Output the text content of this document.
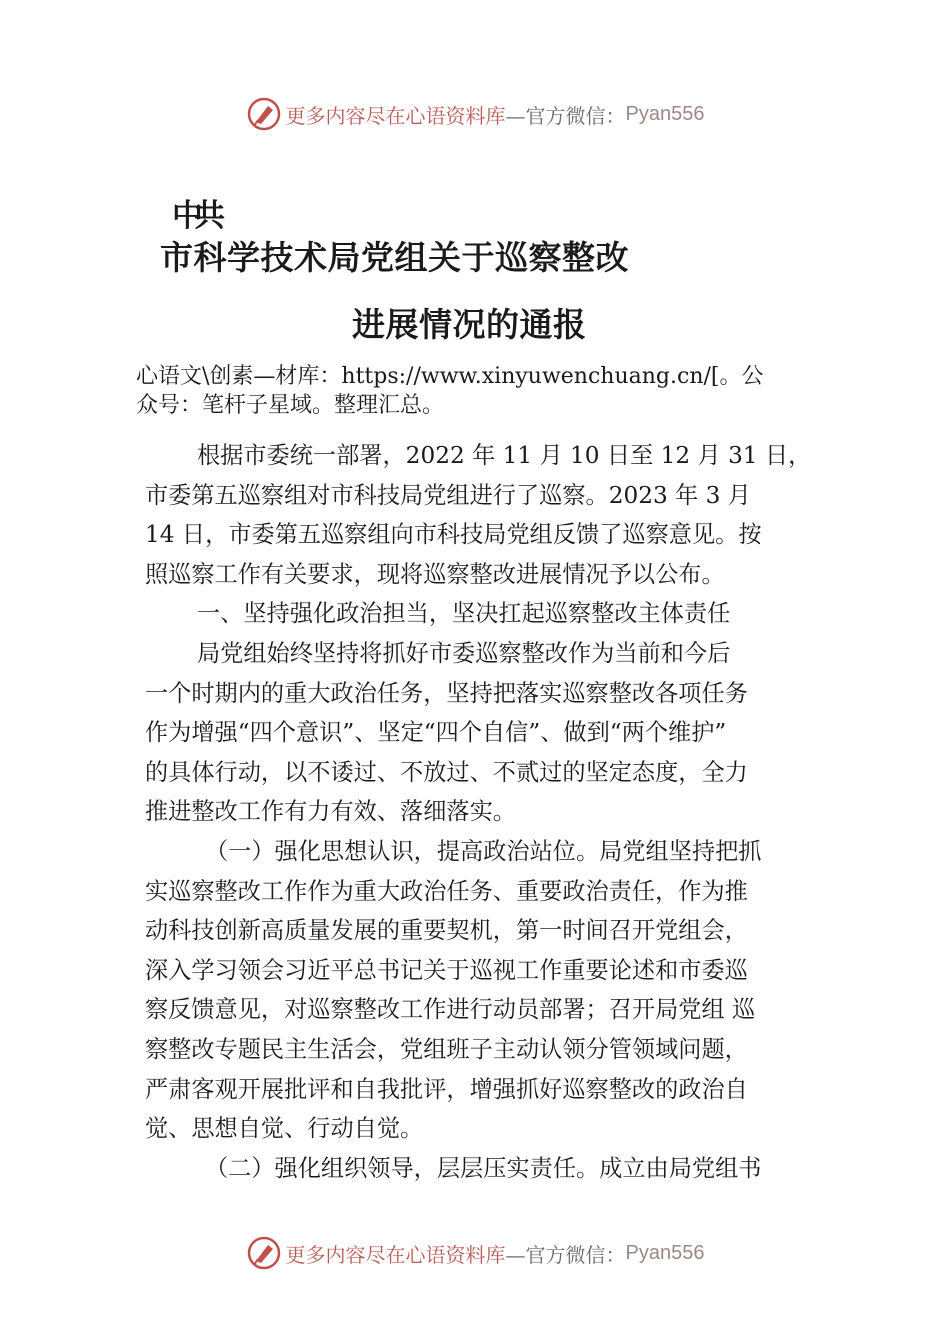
更多内容尽在心语资料库 —官方微信： Pyan556
中共
市科学技术局党组关于巡察整改
进展情况的通报
心语文\创素—材库：https://www.xinyuwenchuang.cn/[。公
众号：笔杆子星域。整理汇总。
根据市委统一部署，2022 年 11 月 10 日至 12 月 31 日，
市委第五巡察组对市科技局党组进行了巡察。2023 年 3 月
14 日，市委第五巡察组向市科技局党组反馈了巡察意见。按
照巡察工作有关要求，现将巡察整改进展情况予以公布。
一、坚持强化政治担当，坚决扛起巡察整改主体责任
局党组始终坚持将抓好市委巡察整改作为当前和今后
一个时期内的重大政治任务，坚持把落实巡察整改各项任务
作为增强“四个意识”、坚定“四个自信”、做到“两个维护”
的具体行动，以不诿过、不放过、不贰过的坚定态度，全力
推进整改工作有力有效、落细落实。
（一）强化思想认识，提高政治站位。局党组坚持把抓
实巡察整改工作作为重大政治任务、重要政治责任，作为推
动科技创新高质量发展的重要契机，第一时间召开党组会，
深入学习领会习近平总书记关于巡视工作重要论述和市委巡
察反馈意见，对巡察整改工作进行动员部署；召开局党组 巡
察整改专题民主生活会，党组班子主动认领分管领域问题，
严肃客观开展批评和自我批评，增强抓好巡察整改的政治自
觉、思想自觉、行动自觉。
（二）强化组织领导，层层压实责任。成立由局党组书
更多内容尽在心语资料库 —官方微信： Pyan556
